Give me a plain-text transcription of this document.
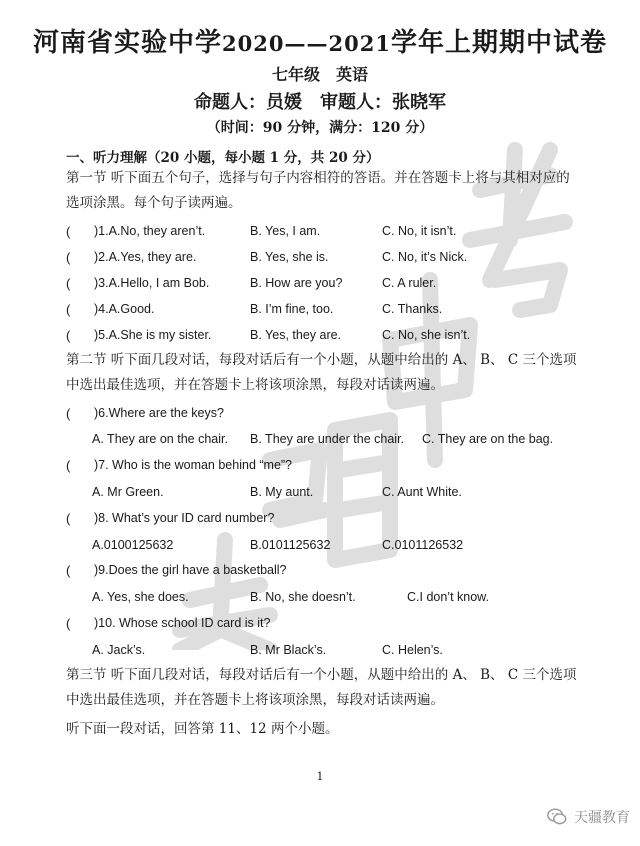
河南省实验中学2020——2021学年上期期中试卷
七年级　英语
命题人：员媛　审题人：张晓军
（时间：90 分钟，满分：120 分）
一、听力理解（20 小题，每小题 1 分，共 20 分）
第一节 听下面五个句子，选择与句子内容相符的答语。并在答题卡上将与其相对应的选项涂黑。每个句子读两遍。
( )1.A.No, they aren’t.	B. Yes, I am.	C. No, it isn’t.
( )2.A.Yes, they are.	B. Yes, she is.	C. No, it’s Nick.
( )3.A.Hello, I am Bob.	B. How are you?	C. A ruler.
( )4.A.Good.	B. I’m fine, too.	C. Thanks.
( )5.A.She is my sister.	B. Yes, they are.	C. No, she isn’t.
第二节 听下面几段对话，每段对话后有一个小题，从题中给出的 A、 B、 C 三个选项中选出最佳选项，并在答题卡上将该项涂黑，每段对话读两遍。
( )6.Where are the keys?
A. They are on the chair. B. They are under the chair. C. They are on the bag.
( )7. Who is the woman behind “me”?
A. Mr Green.	B. My aunt.	C. Aunt White.
( )8. What’s your ID card number?
A.0100125632	B.0101125632	C.0101126532
( )9.Does the girl have a basketball?
A. Yes, she does.	B. No, she doesn’t.	C.I don’t know.
( )10. Whose school ID card is it?
A. Jack’s.	B. Mr Black’s.	C. Helen’s.
第三节 听下面几段对话，每段对话后有一个小题，从题中给出的 A、 B、 C 三个选项中选出最佳选项，并在答题卡上将该项涂黑，每段对话读两遍。
听下面一段对话，回答第 11、12 两个小题。
1
天疆教育
